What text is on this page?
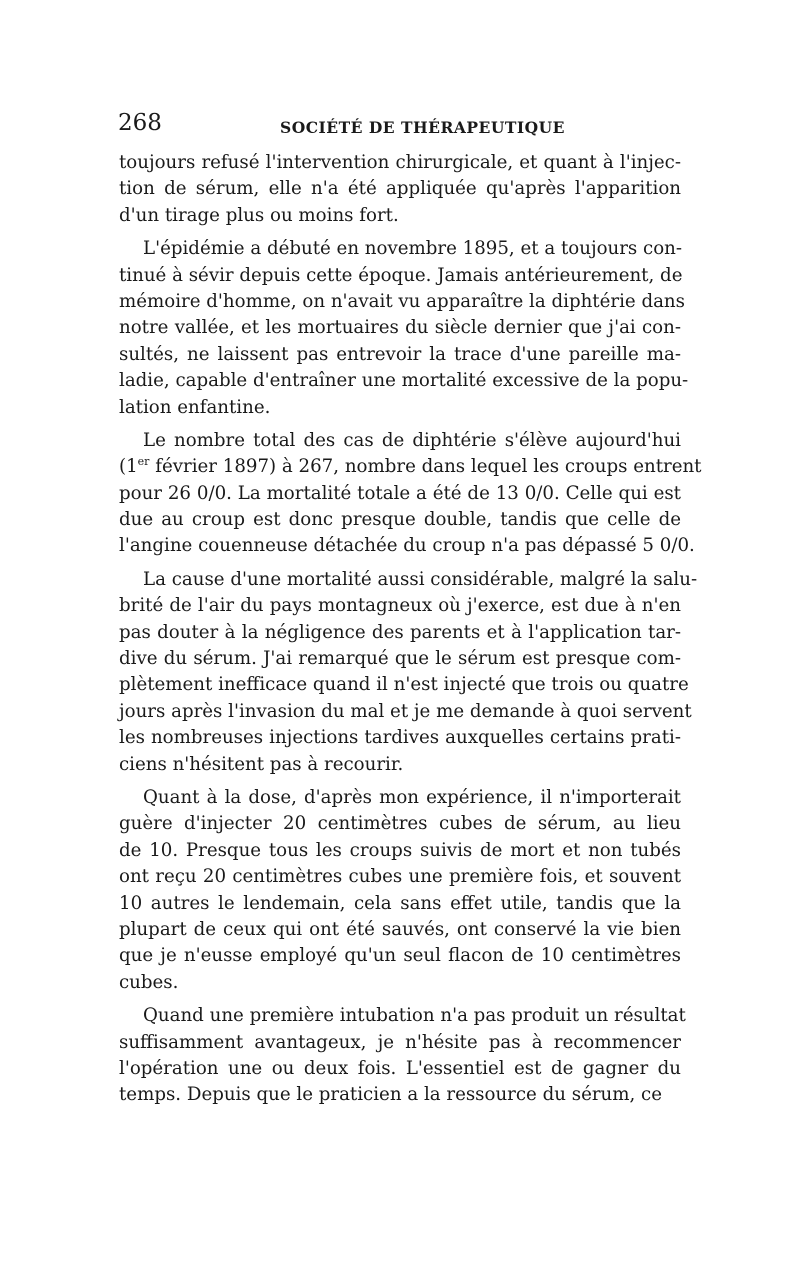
268	SOCIÉTÉ DE THÉRAPEUTIQUE
toujours refusé l'intervention chirurgicale, et quant à l'injec-
tion de sérum, elle n'a été appliquée qu'après l'apparition
d'un tirage plus ou moins fort.
L'épidémie a débuté en novembre 1895, et a toujours con-
tinué à sévir depuis cette époque. Jamais antérieurement, de
mémoire d'homme, on n'avait vu apparaître la diphtérie dans
notre vallée, et les mortuaires du siècle dernier que j'ai con-
sultés, ne laissent pas entrevoir la trace d'une pareille ma-
ladie, capable d'entraîner une mortalité excessive de la popu-
lation enfantine.
Le nombre total des cas de diphtérie s'élève aujourd'hui
(1er février 1897) à 267, nombre dans lequel les croups entrent
pour 26 0/0. La mortalité totale a été de 13 0/0. Celle qui est
due au croup est donc presque double, tandis que celle de
l'angine couenneuse détachée du croup n'a pas dépassé 5 0/0.
La cause d'une mortalité aussi considérable, malgré la salu-
brité de l'air du pays montagneux où j'exerce, est due à n'en
pas douter à la négligence des parents et à l'application tar-
dive du sérum. J'ai remarqué que le sérum est presque com-
plètement inefficace quand il n'est injecté que trois ou quatre
jours après l'invasion du mal et je me demande à quoi servent
les nombreuses injections tardives auxquelles certains prati-
ciens n'hésitent pas à recourir.
Quant à la dose, d'après mon expérience, il n'importerait
guère d'injecter 20 centimètres cubes de sérum, au lieu
de 10. Presque tous les croups suivis de mort et non tubés
ont reçu 20 centimètres cubes une première fois, et souvent
10 autres le lendemain, cela sans effet utile, tandis que la
plupart de ceux qui ont été sauvés, ont conservé la vie bien
que je n'eusse employé qu'un seul flacon de 10 centimètres
cubes.
Quand une première intubation n'a pas produit un résultat
suffisamment avantageux, je n'hésite pas à recommencer
l'opération une ou deux fois. L'essentiel est de gagner du
temps. Depuis que le praticien a la ressource du sérum, ce
